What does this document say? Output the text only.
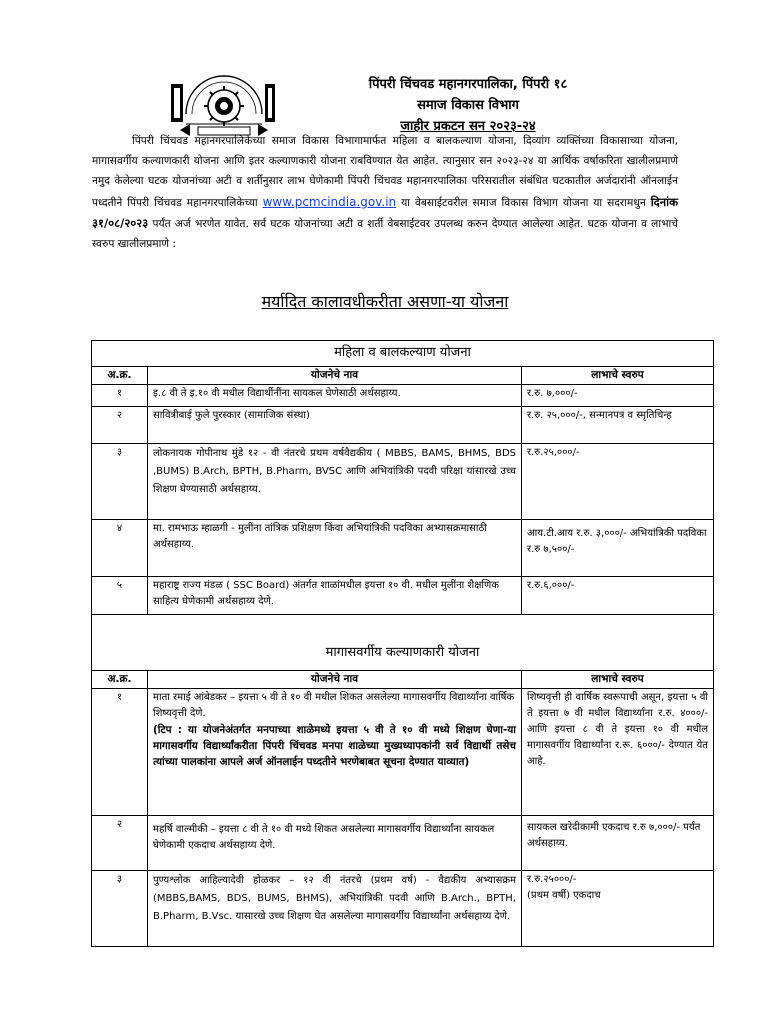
पिंपरी चिंचवड महानगरपालिका, पिंपरी १८
समाज विकास विभाग
जाहीर प्रकटन सन २०२३-२४

पिंपरी चिंचवड महानगरपालिकेच्या समाज विकास विभागामार्फत महिला व बालकल्याण योजना, दिव्यांग व्यक्तिंच्या विकासाच्या योजना, मागासवर्गीय कल्याणकारी योजना आणि इतर कल्याणकारी योजना राबविण्यात येत आहेत. त्यानुसार सन २०२३-२४ या आर्थिक वर्षाकरिता खालीलप्रमाणे नमुद केलेल्या घटक योजनांच्या अटी व शर्तीनुसार लाभ घेणेकामी पिंपरी चिंचवड महानगरपालिका परिसरातील संबंधित घटकातील अर्जदारांनी ऑनलाईन पध्दतीने पिंपरी चिंचवड महानगरपालिकेच्या www.pcmcindia.gov.in या वेबसाईटवरील समाज विकास विभाग योजना या सदरामधुन दिनांक ३१/०८/२०२३ पर्यंत अर्ज भरणेत यावेत. सर्व घटक योजनांच्या अटी व शर्ती वेबसाईटवर उपलब्ध करुन देण्यात आलेल्या आहेत. घटक योजना व लाभाचे स्वरुप खालीलप्रमाणे :

मर्यादित कालावधीकरीता असणा-या योजना
महिला व बालकल्याण योजना		
अ.क्र.	योजनेचे नाव	लाभाचे स्वरुप
१	इ.८ वी ते इ.१० वी मधील विद्यार्थीनींना सायकल घेणेसाठी अर्थसहाय्य.	र.रु. ७,०००/-
२	सावित्रीबाई फुले पुरस्कार (सामाजिक संस्था)	र.रु. २५,०००/-, सन्मानपत्र व स्मृतिचिन्ह
३	लोकनायक गोपीनाथ मुंडे १२ - वी नंतरचे प्रथम वर्षवैद्यकीय ( MBBS, BAMS, BHMS, BDS ,BUMS) B.Arch, BPTH, B.Pharm, BVSC आणि अभियांत्रिकी पदवी परिक्षा यांसारखे उच्च शिक्षण घेण्यासाठी अर्थसहाय्य.	र.रु.२५,०००/-
४	मा. रामभाऊ म्हाळगी - मुलींना तांत्रिक प्रशिक्षण किंवा अभियांत्रिकी पदविका अभ्यासक्रमासाठी अर्थसहाय्य.	आय.टी.आय र.रु. ३,०००/- अभियांत्रिकी पदविका र.रु ७,५००/-
५	महाराष्ट्र राज्य मंडळ ( SSC Board) अंतर्गत शाळांमधील इयत्ता १० वी. मधील मुलींना शैक्षणिक साहित्य घेणेकामी अर्थसहाय्य देणे.	र.रु.६,०००/-

मागासवर्गीय कल्याणकारी योजना		
अ.क्र.	योजनेचे नाव	लाभाचे स्वरुप
१	माता रमाई आंबेडकर – इयत्ता ५ वी ते १० वी मधील शिकत असलेल्या मागासवर्गीय विद्यार्थ्यांना वार्षिक शिष्यवृत्ती देणे.
(टिप : या योजनेअंतर्गत मनपाच्या शाळेमध्ये इयत्ता ५ वी ते १० वी मध्ये शिक्षण घेणा-या मागासवर्गीय विद्यार्थ्यांकरीता पिंपरी चिंचवड मनपा शाळेच्या मुख्यध्यापकांनी सर्व विद्यार्थी तसेच त्यांच्या पालकांना आपले अर्ज ऑनलाईन पध्दतीने भरणेबाबत सूचना देण्यात याव्यात)	शिष्यवृत्ती ही वार्षिक स्वरूपाची असून, इयत्ता ५ वी ते इयत्ता ७ वी मधील विद्यार्थ्यांना र.रु. ४०००/- आणि इयत्ता ८ वी ते इयत्ता १० वी मधील मागासवर्गीय विद्यार्थ्यांना र.रू. ६०००/- देण्यात येत आहे.
२	महर्षि वाल्मीकी – इयत्ता ८ वी ते १० वी मध्ये शिकत असलेल्या मागासवर्गीय विद्यार्थ्यांना सायकल घेणेकामी एकदाच अर्थसहाय्य देणे.	सायकल खरेदीकामी एकदाच र.रु ७,०००/- पर्यंत अर्थसहाय्य.
३	पुण्यश्लोक आहिल्यादेवी होळकर – १२ वी नंतरचे (प्रथम वर्ष) - वैद्यकीय अभ्यासक्रम (MBBS,BAMS, BDS, BUMS, BHMS), अभियांत्रिकी पदवी आणि B.Arch., BPTH, B.Pharm, B.Vsc. यासारखे उच्च शिक्षण घेत असलेल्या मागासवर्गीय विद्यार्थ्यांना अर्थसहाय्य देणे.	र.रु.२५०००/-
(प्रथम वर्षी) एकदाच
